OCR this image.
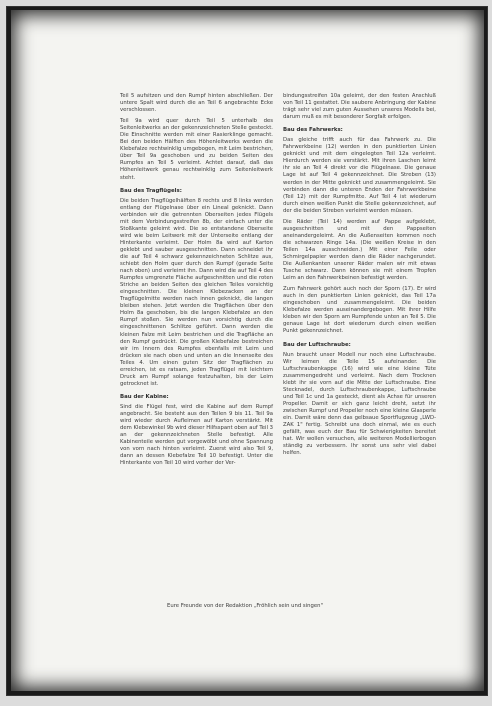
Teil 5 aufsitzen und den Rumpf hinten abschließen. Der untere Spalt wird durch die an Teil 6 angebrachte Ecke verschlossen.

Teil 9a wird quer durch Teil 5 unterhalb des Seitenleitwerks an der gekennzeichneten Stelle gesteckt. Die Einschnitte werden mit einer Rasierklinge gemacht. Bei den beiden Hälften des Höhenleitwerks werden die Klebefalze rechtwinklig umgebogen, mit Leim bestrichen, über Teil 9a geschoben und zu beiden Seiten des Rumpfes an Teil 5 verleimt. Achtet darauf, daß das Höhenleitwerk genau rechtwinklig zum Seitenleitwerk steht.

Bau des Tragflügels:

Die beiden Tragflügelhälften 8 rechts und 8 links werden entlang der Flügelnase über ein Lineal geknickt. Dann verbinden wir die getrennten Oberseiten jedes Flügels mit dem Verbindungsstreifen 8b, der einfach unter die Stoßkante geleimt wird. Die so entstandene Oberseite wird wie beim Leitwerk mit der Unterseite entlang der Hinterkante verleimt. Der Holm 8a wird auf Karton geklebt und sauber ausgeschnitten. Dann schneidet ihr die auf Teil 4 schwarz gekennzeichneten Schlitze aus, schiebt den Holm quer durch den Rumpf (gerade Seite nach oben) und verleimt ihn. Dann wird die auf Teil 4 des Rumpfes umgrenzte Fläche aufgeschnitten und die roten Striche an beiden Seiten des gleichen Teiles vorsichtig eingeschnitten. Die kleinen Klebezacken an der Tragflügelmitte werden nach innen geknickt, die langen bleiben stehen. Jetzt werden die Tragflächen über den Holm 8a geschoben, bis die langen Klebefalze an den Rumpf stoßen. Sie werden nun vorsichtig durch die eingeschnittenen Schlitze geführt. Dann werden die kleinen Falze mit Leim bestrichen und die Tragfläche an den Rumpf gedrückt. Die großen Klebefalze bestreichen wir im Innern des Rumpfes ebenfalls mit Leim und drücken sie nach oben und unten an die Innenseite des Teiles 4. Um einen guten Sitz der Tragflächen zu erreichen, ist es ratsam, jeden Tragflügel mit leichtem Druck am Rumpf solange festzuhalten, bis der Leim getrocknet ist.

Bau der Kabine:

Sind die Flügel fest, wird die Kabine auf dem Rumpf angebracht. Sie besteht aus den Teilen 9 bis 11. Teil 9a wird wieder durch Aufleimen auf Karton verstärkt. Mit dem Klebewinkel 9b wird dieser Hilfsspant oben auf Teil 3 an der gekennzeichneten Stelle befestigt. Alle Kabinenteile werden gut vorgewölbt und ohne Spannung von vorn nach hinten verleimt. Zuerst wird also Teil 9, dann an dessen Klebefalze Teil 10 befestigt. Unter die Hinterkante von Teil 10 wird vorher der Ver-

bindungsstreifen 10a geleimt, der den festen Anschluß von Teil 11 gestattet. Die saubere Anbringung der Kabine trägt sehr viel zum guten Aussehen unseres Modells bei, darum muß es mit besonderer Sorgfalt erfolgen.

Bau des Fahrwerks:

Das gleiche trifft auch für das Fahrwerk zu. Die Fahrwerkbeine (12) werden in den punktierten Linien geknickt und mit dem eingelegten Teil 12a verleimt. Hierdurch werden sie verstärkt. Mit ihren Laschen leimt ihr sie an Teil 4 direkt vor die Flügelnase. Die genaue Lage ist auf Teil 4 gekennzeichnet. Die Streben (13) werden in der Mitte geknickt und zusammengeleimt. Sie verbinden dann die unteren Enden der Fahrwerkbeine (Teil 12) mit der Rumpfmitte. Auf Teil 4 ist wiederum durch einen weißen Punkt die Stelle gekennzeichnet, auf der die beiden Streben verleimt werden müssen.

Die Räder (Teil 14) werden auf Pappe aufgeklebt, ausgeschnitten und mit den Pappseiten aneinandergeleimt. An die Außenseiten kommen noch die schwarzen Ringe 14a. (Die weißen Kreise in den Teilen 14a ausschneiden.) Mit einer Feile oder Schmirgelpapier werden dann die Räder nachgerundet. Die Außenkanten unserer Räder malen wir mit etwas Tusche schwarz. Dann können sie mit einem Tropfen Leim an den Fahrwerkbeinen befestigt werden.

Zum Fahrwerk gehört auch noch der Sporn (17). Er wird auch in den punktierten Linien geknickt, das Teil 17a eingeschoben und zusammengeleimt. Die beiden Klebefalze werden auseinandergebogen. Mit ihrer Hilfe kleben wir den Sporn am Rumpfende unten an Teil 5. Die genaue Lage ist dort wiederum durch einen weißen Punkt gekennzeichnet.

Bau der Luftschraube:

Nun braucht unser Modell nur noch eine Luftschraube. Wir leimen die Teile 15 aufeinander. Die Luftschraubenkappe (16) wird wie eine kleine Tüte zusammengedreht und verleimt. Nach dem Trocknen klebt ihr sie vorn auf die Mitte der Luftschraube. Eine Stecknadel, durch Luftschraubenkappe, Luftschraube und Teil 1c und 1a gesteckt, dient als Achse für unseren Propeller. Damit er sich ganz leicht dreht, setzt ihr zwischen Rumpf und Propeller noch eine kleine Glasperle ein. Damit wäre denn das gelbsaue Sportflugzeug „LWD-ZAK 1" fertig. Schreibt uns doch einmal, wie es euch gefällt, was euch der Bau für Schwierigkeiten bereitet hat. Wir wollen versuchen, alle weiteren Modellierbogen ständig zu verbessern. Ihr sonst uns sehr viel dabei helfen.

Eure Freunde von der Redaktion „Fröhlich sein und singen"
